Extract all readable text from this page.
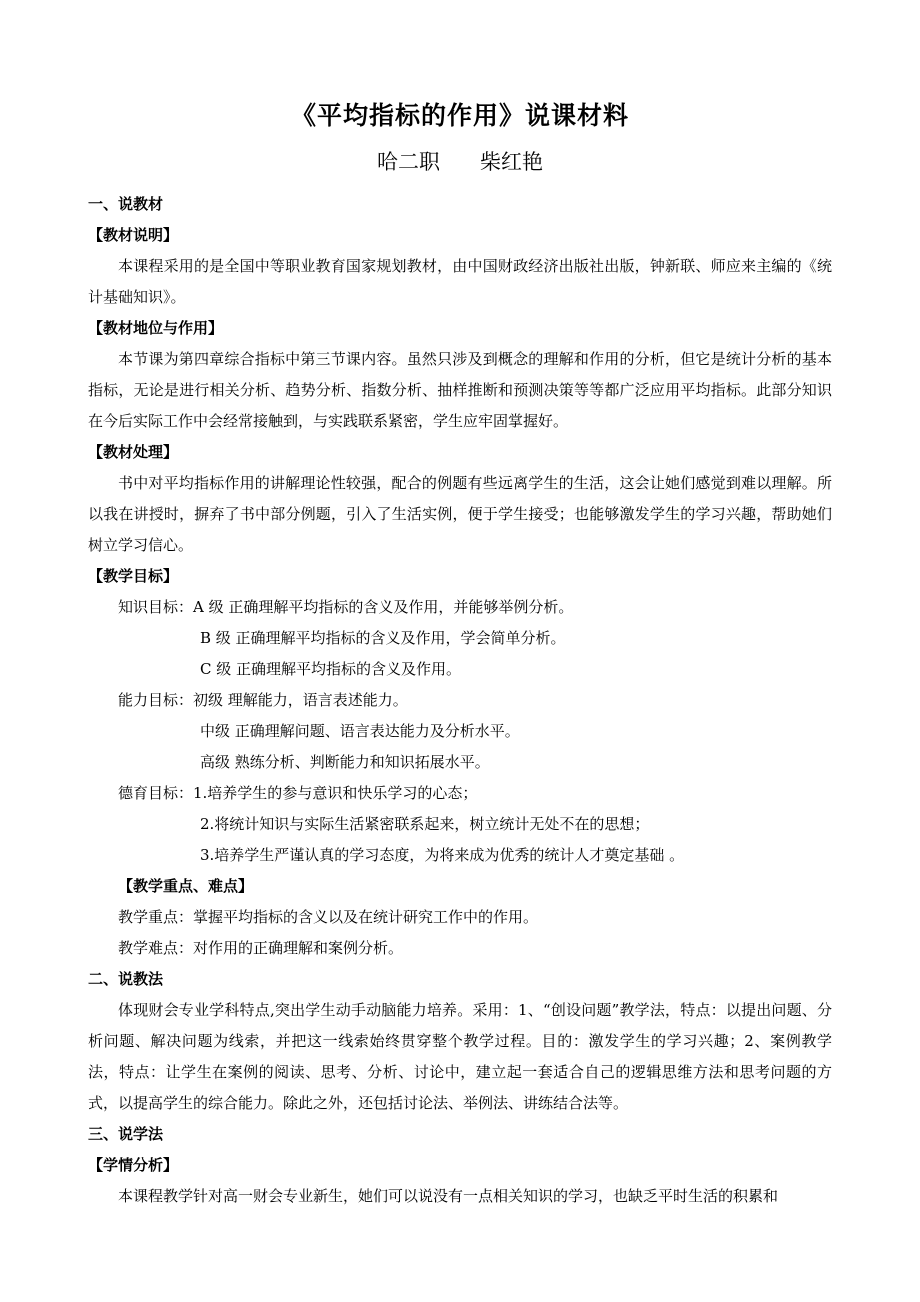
《平均指标的作用》说课材料
哈二职 柴红艳

一、说教材

【教材说明】

本课程采用的是全国中等职业教育国家规划教材，由中国财政经济出版社出版，钟新联、师应来主编的《统计基础知识》。

【教材地位与作用】

本节课为第四章综合指标中第三节课内容。虽然只涉及到概念的理解和作用的分析，但它是统计分析的基本指标，无论是进行相关分析、趋势分析、指数分析、抽样推断和预测决策等等都广泛应用平均指标。此部分知识在今后实际工作中会经常接触到，与实践联系紧密，学生应牢固掌握好。

【教材处理】

书中对平均指标作用的讲解理论性较强，配合的例题有些远离学生的生活，这会让她们感觉到难以理解。所以我在讲授时，摒弃了书中部分例题，引入了生活实例，便于学生接受；也能够激发学生的学习兴趣，帮助她们树立学习信心。

【教学目标】

知识目标：A 级 正确理解平均指标的含义及作用，并能够举例分析。

B 级 正确理解平均指标的含义及作用，学会简单分析。

C 级 正确理解平均指标的含义及作用。

能力目标：初级 理解能力，语言表述能力。

中级 正确理解问题、语言表达能力及分析水平。

高级 熟练分析、判断能力和知识拓展水平。

德育目标：1.培养学生的参与意识和快乐学习的心态；

2.将统计知识与实际生活紧密联系起来，树立统计无处不在的思想；

3.培养学生严谨认真的学习态度，为将来成为优秀的统计人才奠定基础 。

【教学重点、难点】

教学重点：掌握平均指标的含义以及在统计研究工作中的作用。

教学难点：对作用的正确理解和案例分析。

二、说教法

体现财会专业学科特点,突出学生动手动脑能力培养。采用：1、“创设问题”教学法，特点：以提出问题、分析问题、解决问题为线索，并把这一线索始终贯穿整个教学过程。目的：激发学生的学习兴趣；2、案例教学法，特点：让学生在案例的阅读、思考、分析、讨论中，建立起一套适合自己的逻辑思维方法和思考问题的方式，以提高学生的综合能力。除此之外，还包括讨论法、举例法、讲练结合法等。

三、说学法

【学情分析】

本课程教学针对高一财会专业新生，她们可以说没有一点相关知识的学习，也缺乏平时生活的积累和
